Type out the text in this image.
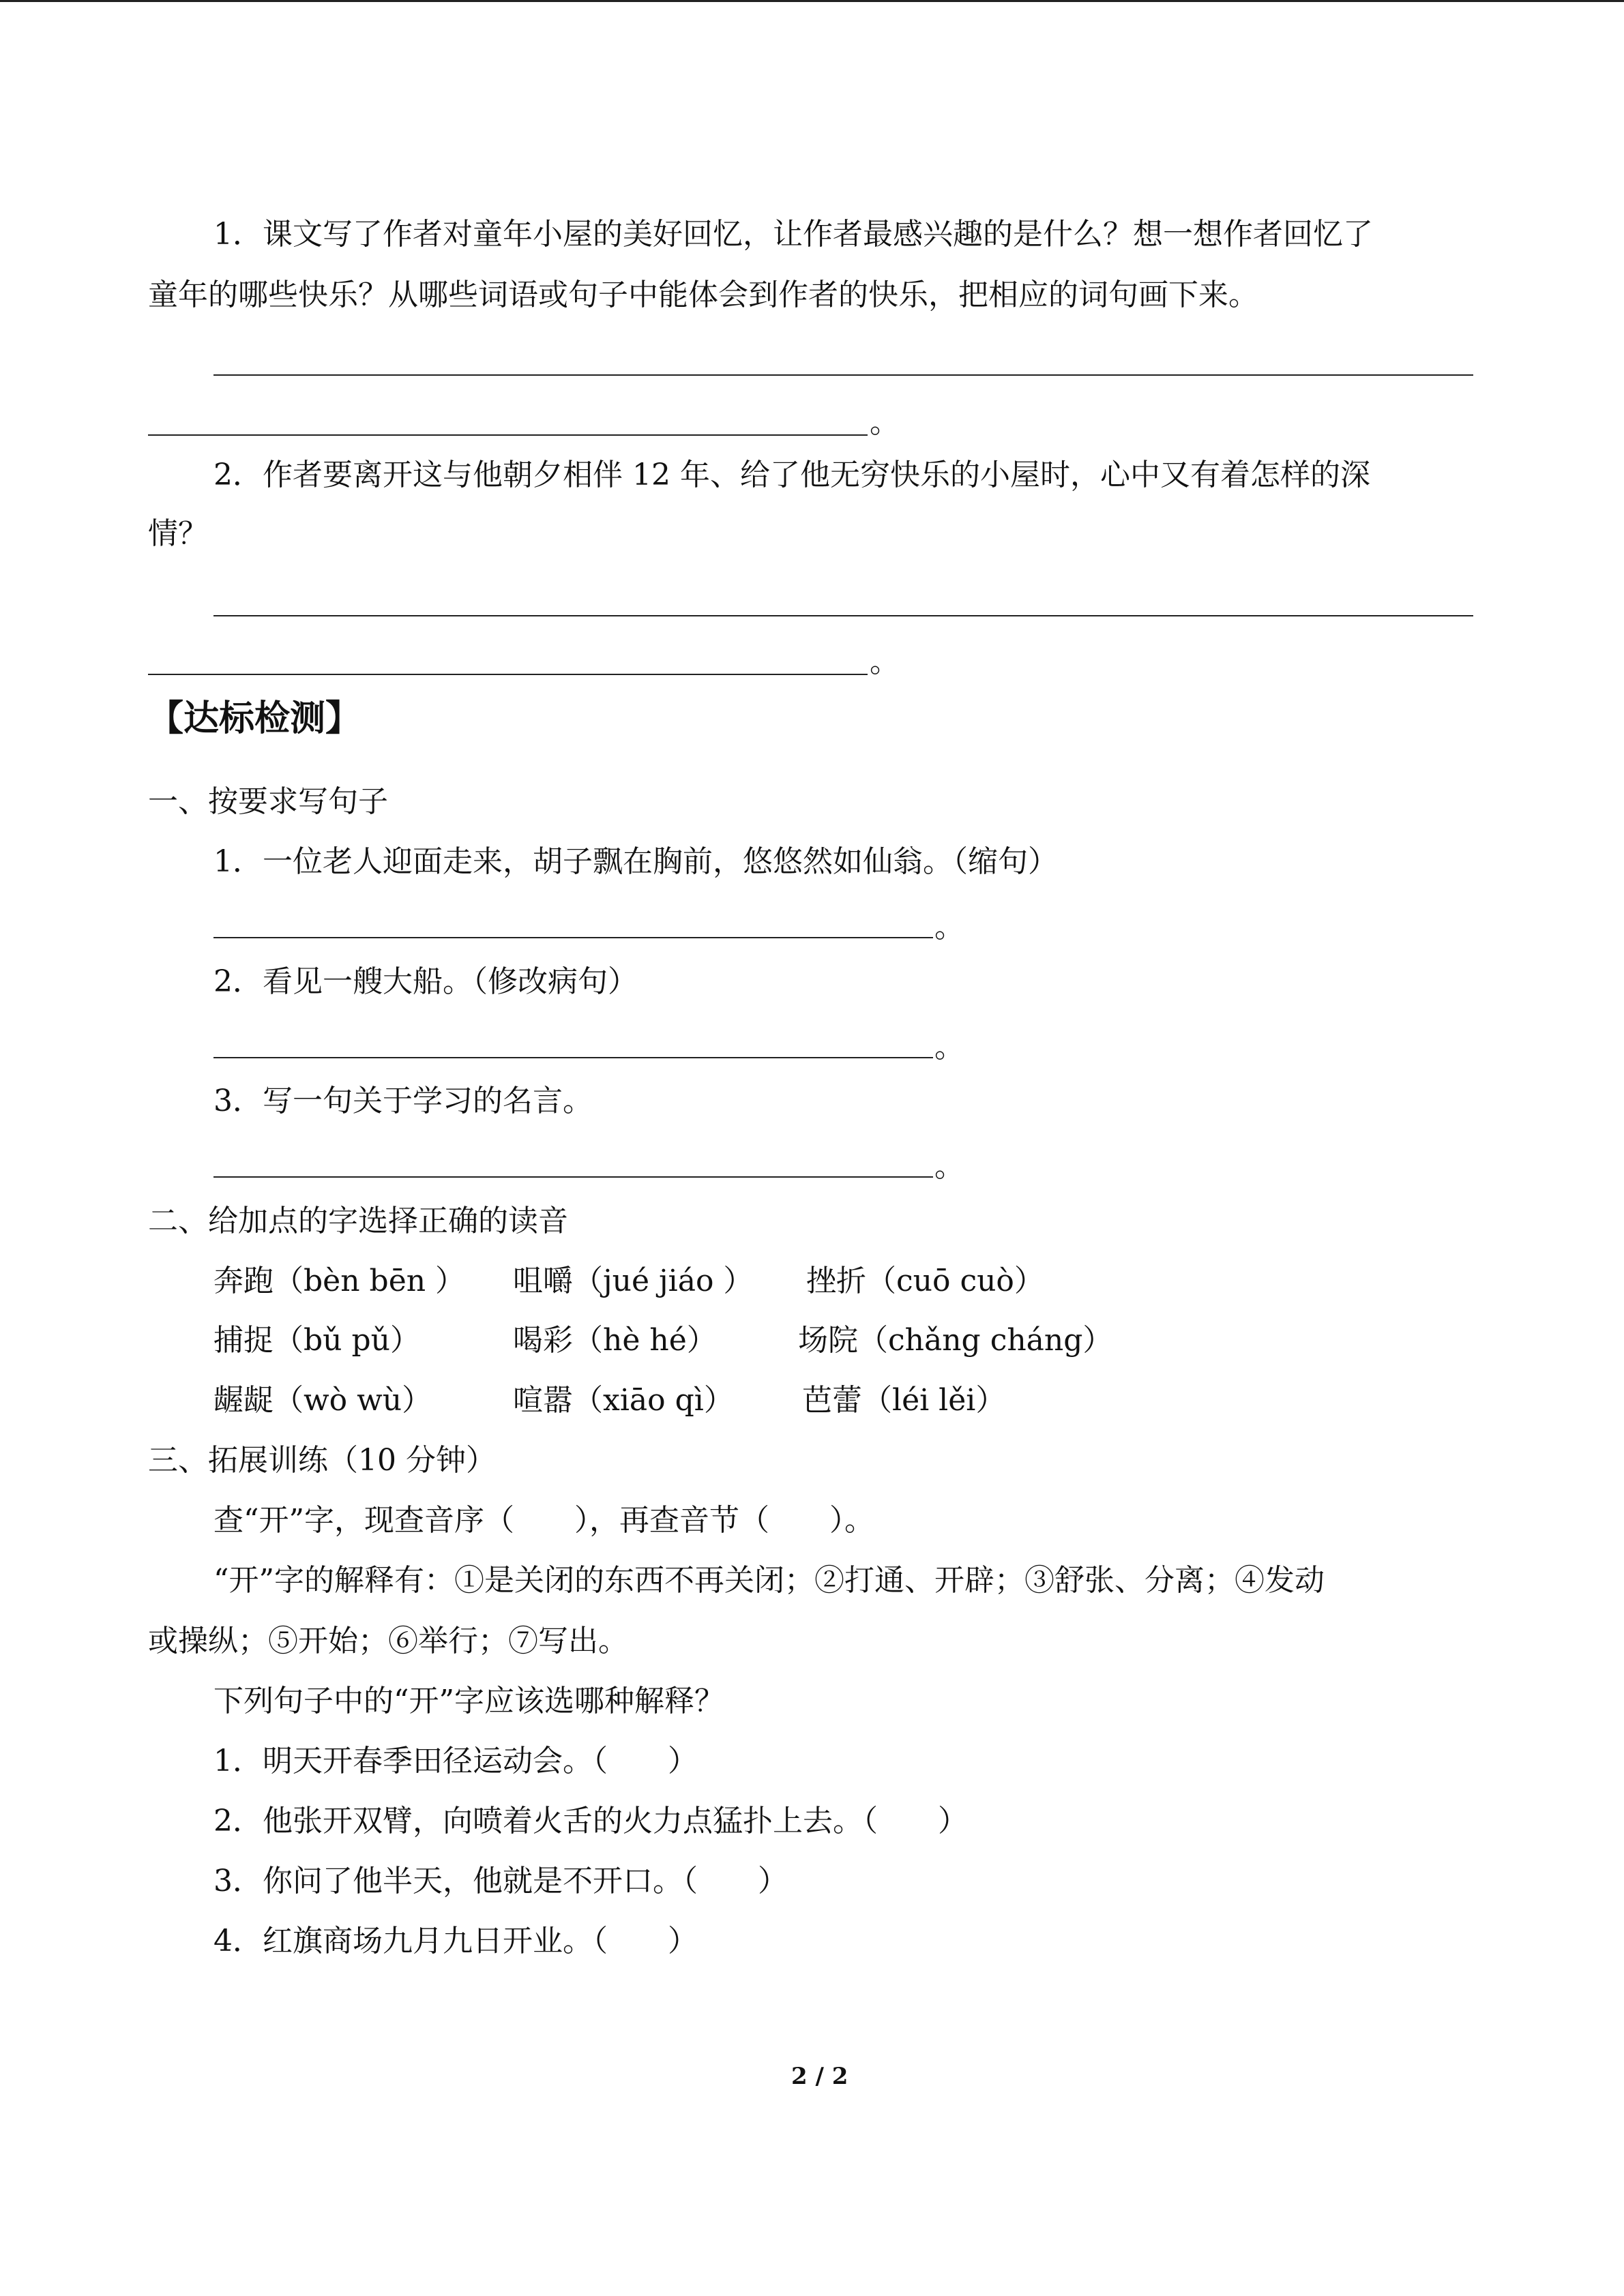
1．课文写了作者对童年小屋的美好回忆，让作者最感兴趣的是什么？想一想作者回忆了
童年的哪些快乐？从哪些词语或句子中能体会到作者的快乐，把相应的词句画下来。
。
2．作者要离开这与他朝夕相伴 12 年、给了他无穷快乐的小屋时，心中又有着怎样的深
情？
。
【达标检测】
一、按要求写句子
1．一位老人迎面走来，胡子飘在胸前，悠悠然如仙翁。（缩句）
。
2．看见一艘大船。（修改病句）
。
3．写一句关于学习的名言。
。
二、给加点的字选择正确的读音
奔跑（bèn bēn ） 咀嚼（jué jiáo ） 挫折（cuō cuò）
捕捉（bǔ pǔ）	喝彩（hè hé）	场院（chǎng cháng）
龌龊（wò wù）	喧嚣（xiāo qì） 芭蕾（léi lěi）
三、拓展训练（10 分钟）
查“开”字，现查音序（　　），再查音节（　　）。
“开”字的解释有：①是关闭的东西不再关闭；②打通、开辟；③舒张、分离；④发动
或操纵；⑤开始；⑥举行；⑦写出。
下列句子中的“开”字应该选哪种解释？
1．明天开春季田径运动会。（　　）
2．他张开双臂，向喷着火舌的火力点猛扑上去。（　　）
3．你问了他半天，他就是不开口。（　　）
4．红旗商场九月九日开业。（　　）
2 / 2
